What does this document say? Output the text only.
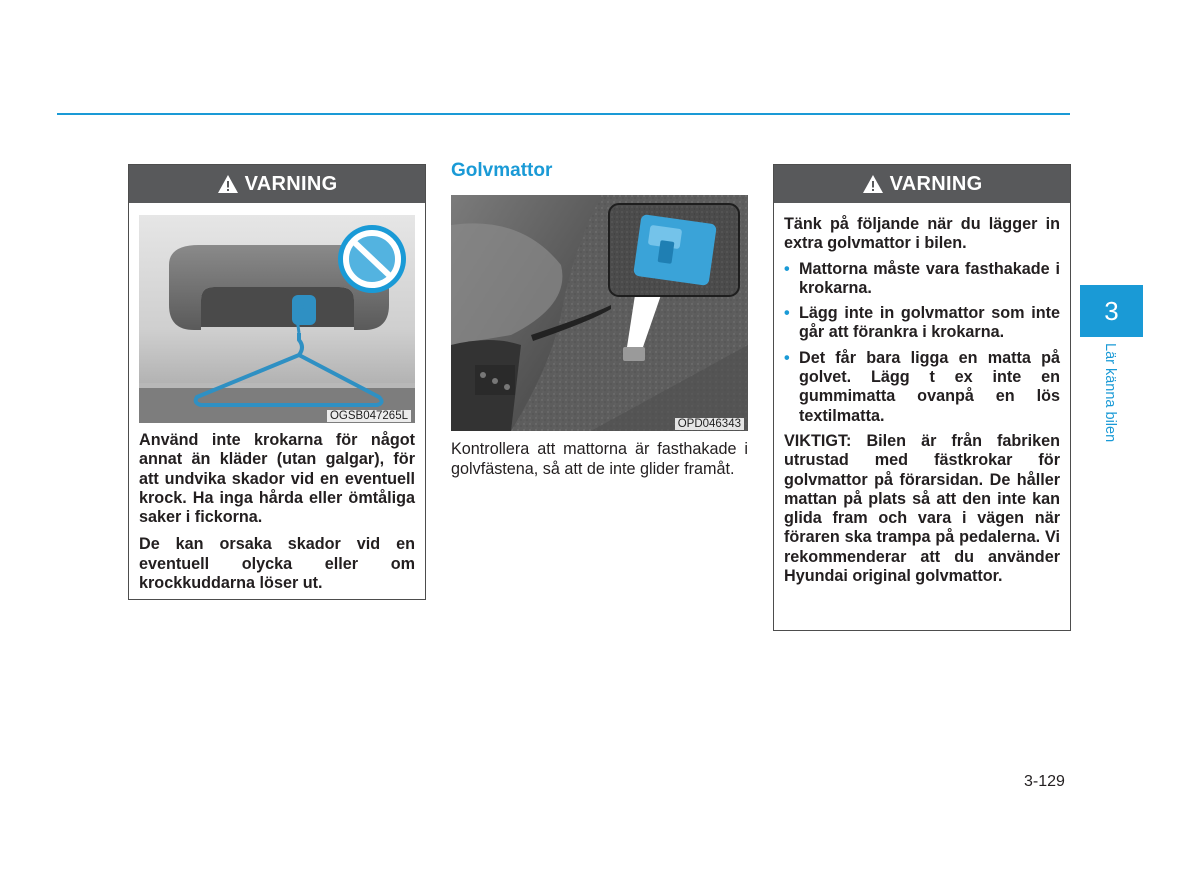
VARNING
OGSB047265L

Använd inte krokarna för något annat än kläder (utan galgar), för att undvika skador vid en eventuell krock. Ha inga hårda eller ömtåliga saker i fickorna.

De kan orsaka skador vid en eventuell olycka eller om krockkuddarna löser ut.

Golvmattor
OPD046343
Kontrollera att mattorna är fasthakade i golvfästena, så att de inte glider framåt.
VARNING

Tänk på följande när du lägger in extra golvmattor i bilen.

• Mattorna måste vara fasthakade i krokarna.
• Lägg inte in golvmattor som inte går att förankra i krokarna.
• Det får bara ligga en matta på golvet. Lägg t ex inte en gummimatta ovanpå en lös textilmatta.

VIKTIGT: Bilen är från fabriken utrustad med fästkrokar för golvmattor på förarsidan. De håller mattan på plats så att den inte kan glida fram och vara i vägen när föraren ska trampa på pedalerna. Vi rekommenderar att du använder Hyundai original golvmattor.

3
Lär känna bilen
3-129
